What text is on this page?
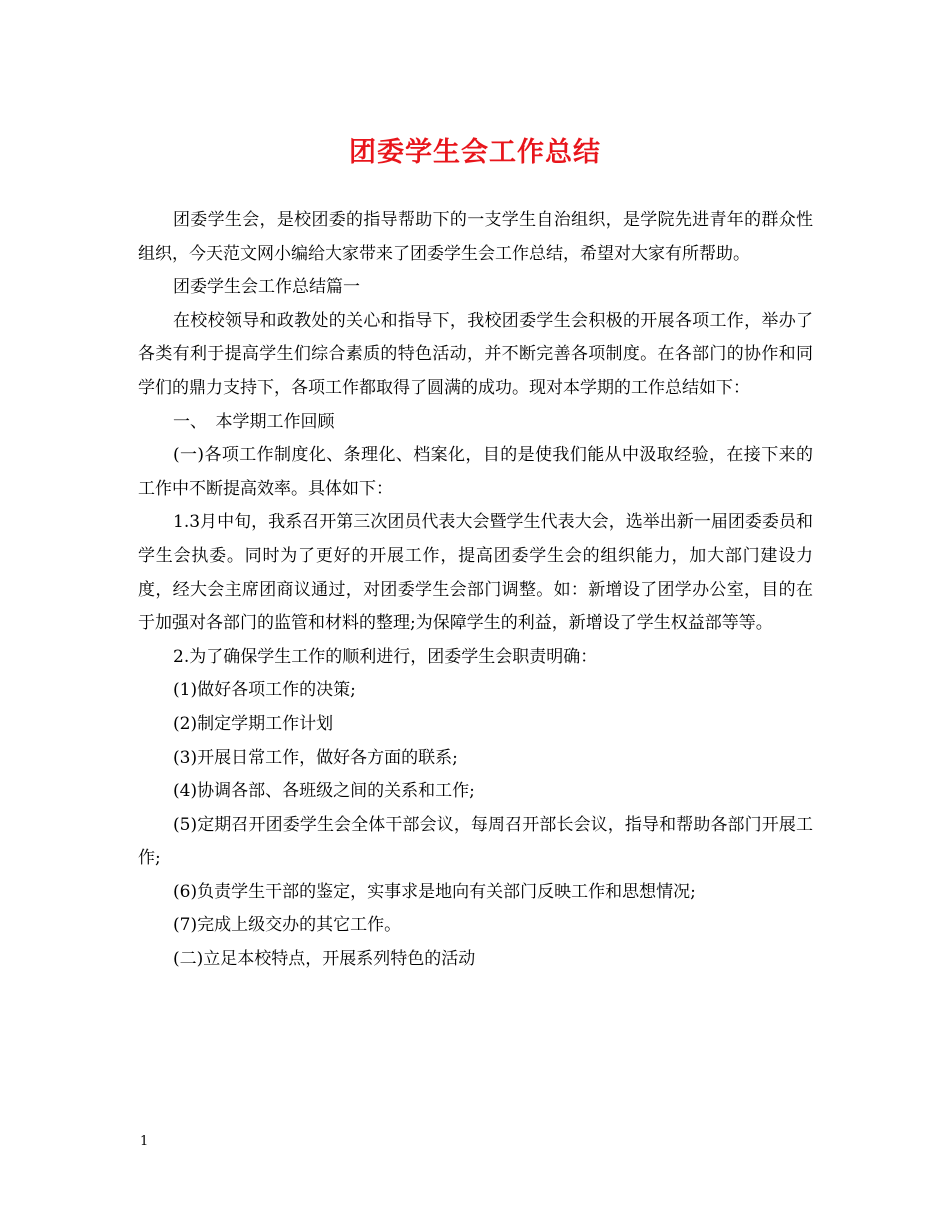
团委学生会工作总结

团委学生会，是校团委的指导帮助下的一支学生自治组织，是学院先进青年的群众性组织，今天范文网小编给大家带来了团委学生会工作总结，希望对大家有所帮助。

团委学生会工作总结篇一

在校校领导和政教处的关心和指导下，我校团委学生会积极的开展各项工作，举办了各类有利于提高学生们综合素质的特色活动，并不断完善各项制度。在各部门的协作和同学们的鼎力支持下，各项工作都取得了圆满的成功。现对本学期的工作总结如下：

一、　本学期工作回顾

(一)各项工作制度化、条理化、档案化，目的是使我们能从中汲取经验，在接下来的工作中不断提高效率。具体如下：

1.3月中旬，我系召开第三次团员代表大会暨学生代表大会，选举出新一届团委委员和学生会执委。同时为了更好的开展工作，提高团委学生会的组织能力，加大部门建设力度，经大会主席团商议通过，对团委学生会部门调整。如：新增设了团学办公室，目的在于加强对各部门的监管和材料的整理;为保障学生的利益，新增设了学生权益部等等。

2.为了确保学生工作的顺利进行，团委学生会职责明确：

(1)做好各项工作的决策;

(2)制定学期工作计划

(3)开展日常工作，做好各方面的联系;

(4)协调各部、各班级之间的关系和工作;

(5)定期召开团委学生会全体干部会议，每周召开部长会议，指导和帮助各部门开展工作;

(6)负责学生干部的鉴定，实事求是地向有关部门反映工作和思想情况;

(7)完成上级交办的其它工作。

(二)立足本校特点，开展系列特色的活动

1
